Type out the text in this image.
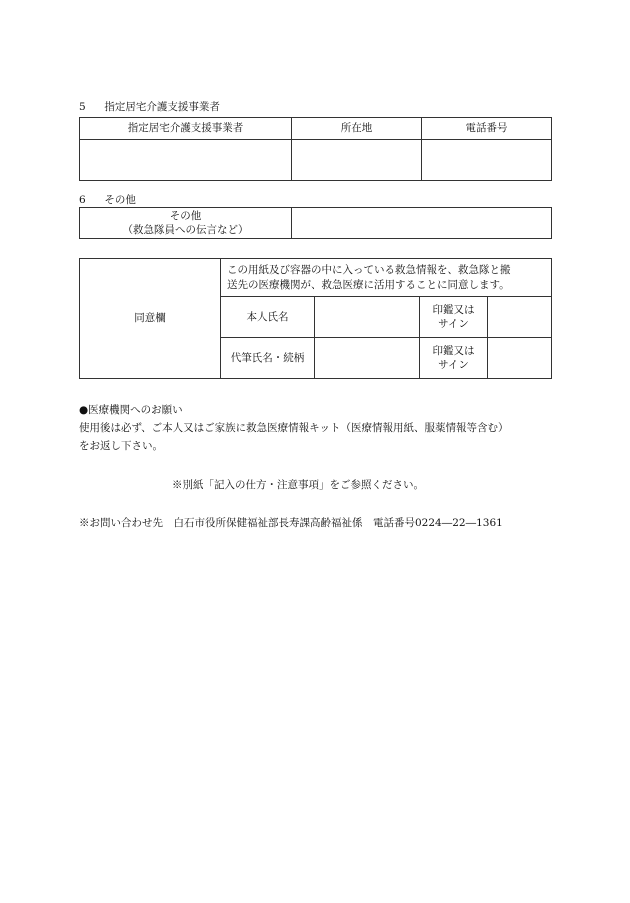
5 指定居宅介護支援事業者
指定居宅介護支援事業者	所在地	電話番号

6 その他
その他
（救急隊員への伝言など）

同意欄	この用紙及び容器の中に入っている救急情報を、救急隊と搬
送先の医療機関が、救急医療に活用することに同意します。			

	本人氏名		印鑑又は
サイン	

	代筆氏名・続柄		印鑑又は
サイン	

●医療機関へのお願い
使用後は必ず、ご本人又はご家族に救急医療情報キット（医療情報用紙、服薬情報等含む）
をお返し下さい。
※別紙「記入の仕方・注意事項」をご参照ください。
※お問い合わせ先　白石市役所保健福祉部長寿課高齢福祉係　電話番号0224―22―1361
